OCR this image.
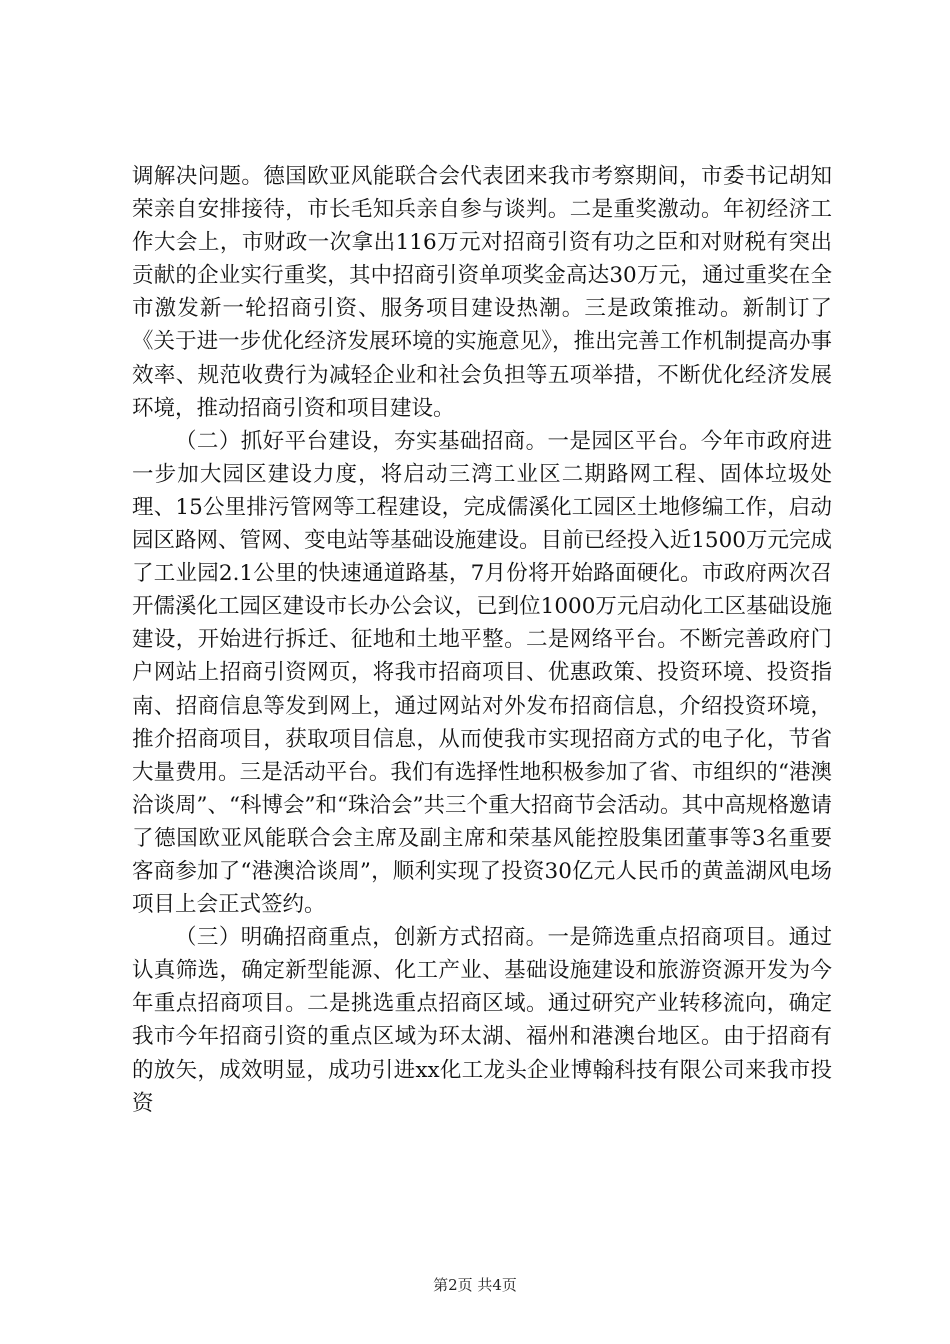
调解决问题。德国欧亚风能联合会代表团来我市考察期间，市委书记胡知荣亲自安排接待，市长毛知兵亲自参与谈判。二是重奖激动。年初经济工作大会上，市财政一次拿出116万元对招商引资有功之臣和对财税有突出贡献的企业实行重奖，其中招商引资单项奖金高达30万元，通过重奖在全市激发新一轮招商引资、服务项目建设热潮。三是政策推动。新制订了《关于进一步优化经济发展环境的实施意见》，推出完善工作机制提高办事效率、规范收费行为减轻企业和社会负担等五项举措，不断优化经济发展环境，推动招商引资和项目建设。

（二）抓好平台建设，夯实基础招商。一是园区平台。今年市政府进一步加大园区建设力度，将启动三湾工业区二期路网工程、固体垃圾处理、15公里排污管网等工程建设，完成儒溪化工园区土地修编工作，启动园区路网、管网、变电站等基础设施建设。目前已经投入近1500万元完成了工业园2.1公里的快速通道路基，7月份将开始路面硬化。市政府两次召开儒溪化工园区建设市长办公会议，已到位1000万元启动化工区基础设施建设，开始进行拆迁、征地和土地平整。二是网络平台。不断完善政府门户网站上招商引资网页，将我市招商项目、优惠政策、投资环境、投资指南、招商信息等发到网上，通过网站对外发布招商信息，介绍投资环境，推介招商项目，获取项目信息，从而使我市实现招商方式的电子化，节省大量费用。三是活动平台。我们有选择性地积极参加了省、市组织的“港澳洽谈周”、“科博会”和“珠洽会”共三个重大招商节会活动。其中高规格邀请了德国欧亚风能联合会主席及副主席和荣基风能控股集团董事等3名重要客商参加了“港澳洽谈周”，顺利实现了投资30亿元人民币的黄盖湖风电场项目上会正式签约。

（三）明确招商重点，创新方式招商。一是筛选重点招商项目。通过认真筛选，确定新型能源、化工产业、基础设施建设和旅游资源开发为今年重点招商项目。二是挑选重点招商区域。通过研究产业转移流向，确定我市今年招商引资的重点区域为环太湖、福州和港澳台地区。由于招商有的放矢，成效明显，成功引进xx化工龙头企业博翰科技有限公司来我市投资

第2页 共4页
